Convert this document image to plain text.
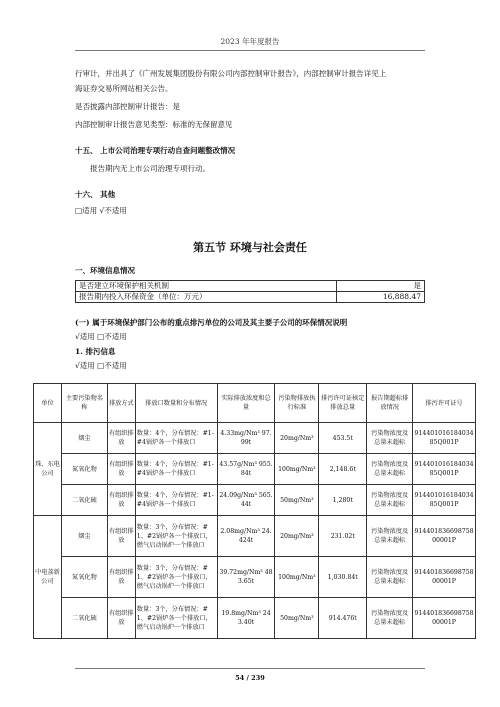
2023 年年度报告
行审计，并出具了《广州发展集团股份有限公司内部控制审计报告》，内部控制审计报告详见上
海证券交易所网站相关公告。
是否披露内部控制审计报告：是
内部控制审计报告意见类型：标准的无保留意见
十五、 上市公司治理专项行动自查问题整改情况
报告期内无上市公司治理专项行动。
十六、 其他
□适用 √不适用
第五节 环境与社会责任
一、环境信息情况
是否建立环境保护相关机制	是
报告期内投入环保资金（单位：万元）	16,888.47
(一) 属于环境保护部门公布的重点排污单位的公司及其主要子公司的环保情况说明
√适用 □不适用
1. 排污信息
√适用 □不适用
单位	主要污染物名称	排放方式	排放口数量和分布情况	实际排放浓度和总量	污染物排放执行标准	排污许可证核定排放总量	报告期超标排放情况	排污许可证号
珠、东电公司	烟尘	有组织排放	数量：4个，分布情况：#1-#4锅炉各一个排放口	4.33mg/Nm³ 97.99t	20mg/Nm³	453.5t	污染物浓度及总量未超标	91440101618403485Q001P
	氮氧化物	有组织排放	数量：4个，分布情况：#1-#4锅炉各一个排放口	43.57g/Nm³ 955.84t	100mg/Nm³	2,148.6t	污染物浓度及总量未超标	91440101618403485Q001P
	二氧化硫	有组织排放	数量：4个，分布情况：#1-#4锅炉各一个排放口	24.09g/Nm³ 565.44t	50mg/Nm³	1,280t	污染物浓度及总量未超标	91440101618403485Q001P
中电荔新公司	烟尘	有组织排放	数量：3个，分布情况：#1、#2锅炉各一个排放口，燃气启动锅炉一个排放口	2.08mg/Nm³ 24.424t	20mg/Nm³	231.02t	污染物浓度及总量未超标	91440183669875800001P
	氮氧化物	有组织排放	数量：3个，分布情况：#1、#2锅炉各一个排放口，燃气启动锅炉一个排放口	39.72mg/Nm³ 483.65t	100mg/Nm³	1,030.84t	污染物浓度及总量未超标	91440183669875800001P
	二氧化硫	有组织排放	数量：3个，分布情况：#1、#2锅炉各一个排放口，燃气启动锅炉一个排放口	19.8mg/Nm³ 243.40t	50mg/Nm³	914.476t	污染物浓度及总量未超标	91440183669875800001P
54 / 239
